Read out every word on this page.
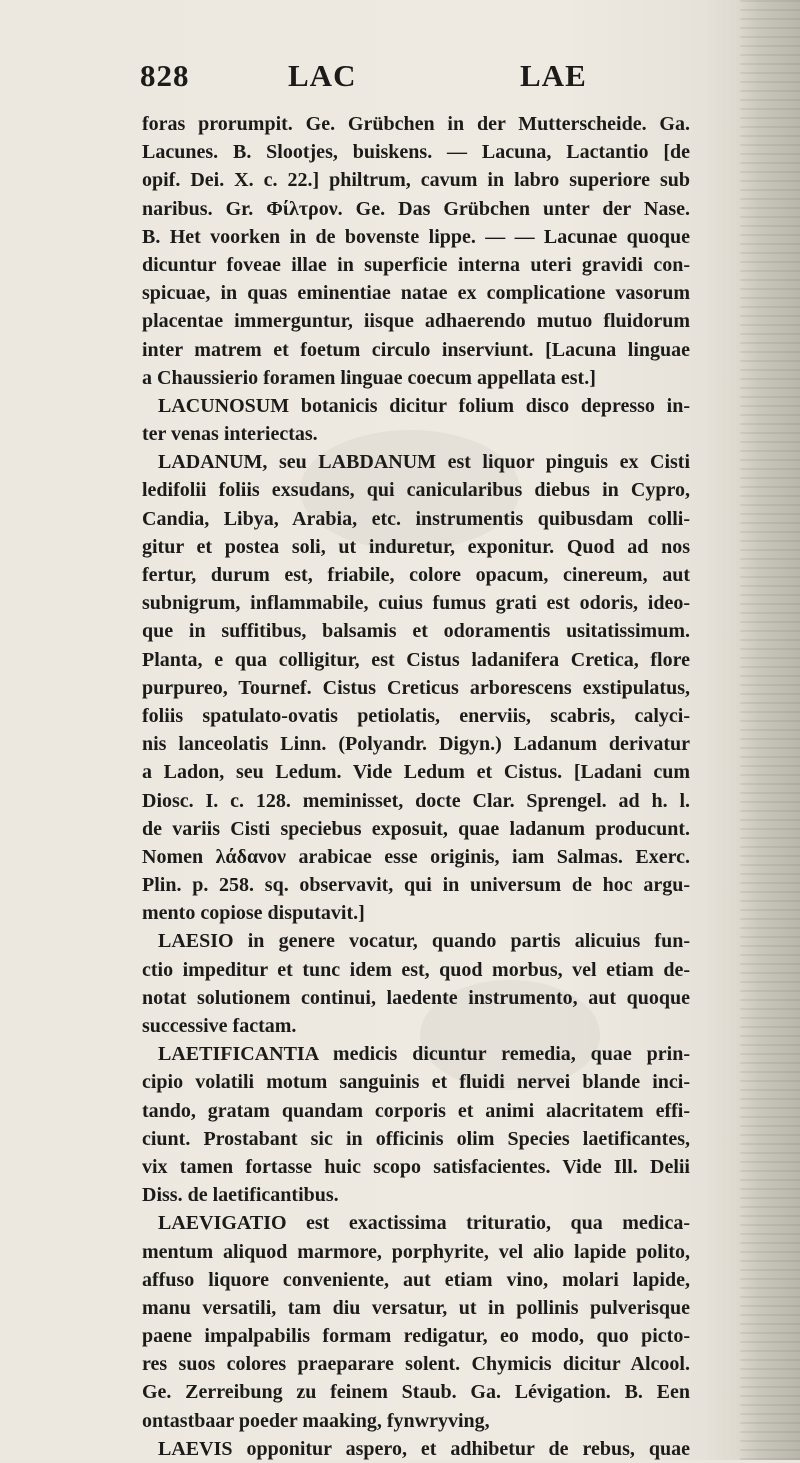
828	LAC	LAE
foras prorumpit. Ge. Grübchen in der Mutterscheide. Ga.
Lacunes. B. Slootjes, buiskens. — Lacuna, Lactantio [de
opif. Dei. X. c. 22.] philtrum, cavum in labro superiore sub
naribus. Gr. Φίλτρον. Ge. Das Grübchen unter der Nase.
B. Het voorken in de bovenste lippe. — — Lacunae quoque
dicuntur foveae illae in superficie interna uteri gravidi con-
spicuae, in quas eminentiae natae ex complicatione vasorum
placentae immerguntur, iisque adhaerendo mutuo fluidorum
inter matrem et foetum circulo inserviunt. [Lacuna linguae
a Chaussierio foramen linguae coecum appellata est.]
LACUNOSUM botanicis dicitur folium disco depresso in-
ter venas interiectas.
LADANUM, seu LABDANUM est liquor pinguis ex Cisti
ledifolii foliis exsudans, qui canicularibus diebus in Cypro,
Candia, Libya, Arabia, etc. instrumentis quibusdam colli-
gitur et postea soli, ut induretur, exponitur. Quod ad nos
fertur, durum est, friabile, colore opacum, cinereum, aut
subnigrum, inflammabile, cuius fumus grati est odoris, ideo-
que in suffitibus, balsamis et odoramentis usitatissimum.
Planta, e qua colligitur, est Cistus ladanifera Cretica, flore
purpureo, Tournef. Cistus Creticus arborescens exstipulatus,
foliis spatulato-ovatis petiolatis, enerviis, scabris, calyci-
nis lanceolatis Linn. (Polyandr. Digyn.) Ladanum derivatur
a Ladon, seu Ledum. Vide Ledum et Cistus. [Ladani cum
Diosc. I. c. 128. meminisset, docte Clar. Sprengel. ad h. l.
de variis Cisti speciebus exposuit, quae ladanum producunt.
Nomen λάδανον arabicae esse originis, iam Salmas. Exerc.
Plin. p. 258. sq. observavit, qui in universum de hoc argu-
mento copiose disputavit.]
LAESIO in genere vocatur, quando partis alicuius fun-
ctio impeditur et tunc idem est, quod morbus, vel etiam de-
notat solutionem continui, laedente instrumento, aut quoque
successive factam.
LAETIFICANTIA medicis dicuntur remedia, quae prin-
cipio volatili motum sanguinis et fluidi nervei blande inci-
tando, gratam quandam corporis et animi alacritatem effi-
ciunt. Prostabant sic in officinis olim Species laetificantes,
vix tamen fortasse huic scopo satisfacientes. Vide Ill. Delii
Diss. de laetificantibus.
LAEVIGATIO est exactissima trituratio, qua medica-
mentum aliquod marmore, porphyrite, vel alio lapide polito,
affuso liquore conveniente, aut etiam vino, molari lapide,
manu versatili, tam diu versatur, ut in pollinis pulverisque
paene impalpabilis formam redigatur, eo modo, quo picto-
res suos colores praeparare solent. Chymicis dicitur Alcool.
Ge. Zerreibung zu feinem Staub. Ga. Lévigation. B. Een
ontastbaar poeder maaking, fynwryving,
LAEVIS opponitur aspero, et adhibetur de rebus, quae
